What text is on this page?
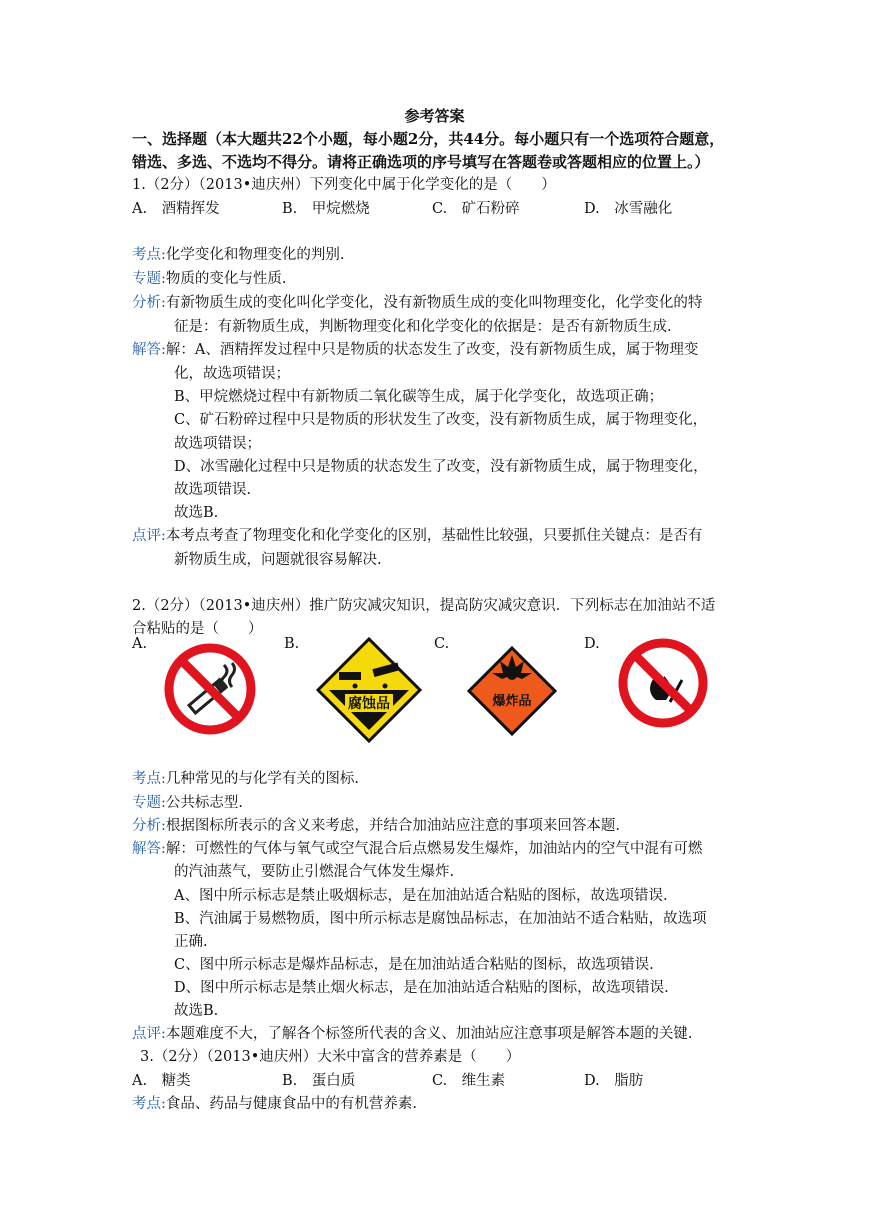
参考答案
一、选择题（本大题共22个小题，每小题2分，共44分。每小题只有一个选项符合题意，
错选、多选、不选均不得分。请将正确选项的序号填写在答题卷或答题相应的位置上。）
1.（2分）（2013•迪庆州）下列变化中属于化学变化的是（　　）
A.　酒精挥发	B.　甲烷燃烧	C.　矿石粉碎	D.　冰雪融化
考点:化学变化和物理变化的判别.
专题:物质的变化与性质.
分析:有新物质生成的变化叫化学变化，没有新物质生成的变化叫物理变化，化学变化的特
征是：有新物质生成，判断物理变化和化学变化的依据是：是否有新物质生成.
解答:解：A、酒精挥发过程中只是物质的状态发生了改变，没有新物质生成，属于物理变
化，故选项错误；
B、甲烷燃烧过程中有新物质二氧化碳等生成，属于化学变化，故选项正确；
C、矿石粉碎过程中只是物质的形状发生了改变，没有新物质生成，属于物理变化，
故选项错误；
D、冰雪融化过程中只是物质的状态发生了改变，没有新物质生成，属于物理变化，
故选项错误.
故选B.
点评:本考点考查了物理变化和化学变化的区别，基础性比较强，只要抓住关键点：是否有
新物质生成，问题就很容易解决.
2.（2分）（2013•迪庆州）推广防灾减灾知识，提高防灾减灾意识．下列标志在加油站不适
合粘贴的是（　　）
A.	B.	C.	D.
腐蚀品	爆炸品
考点:几种常见的与化学有关的图标.
专题:公共标志型.
分析:根据图标所表示的含义来考虑，并结合加油站应注意的事项来回答本题.
解答:解：可燃性的气体与氧气或空气混合后点燃易发生爆炸，加油站内的空气中混有可燃
的汽油蒸气，要防止引燃混合气体发生爆炸.
A、图中所示标志是禁止吸烟标志，是在加油站适合粘贴的图标，故选项错误.
B、汽油属于易燃物质，图中所示标志是腐蚀品标志，在加油站不适合粘贴，故选项
正确.
C、图中所示标志是爆炸品标志，是在加油站适合粘贴的图标，故选项错误.
D、图中所示标志是禁止烟火标志，是在加油站适合粘贴的图标，故选项错误.
故选B.
点评:本题难度不大，了解各个标签所代表的含义、加油站应注意事项是解答本题的关键.
3.（2分）（2013•迪庆州）大米中富含的营养素是（　　）
A.　糖类	B.　蛋白质	C.　维生素	D.　脂肪
考点:食品、药品与健康食品中的有机营养素.
